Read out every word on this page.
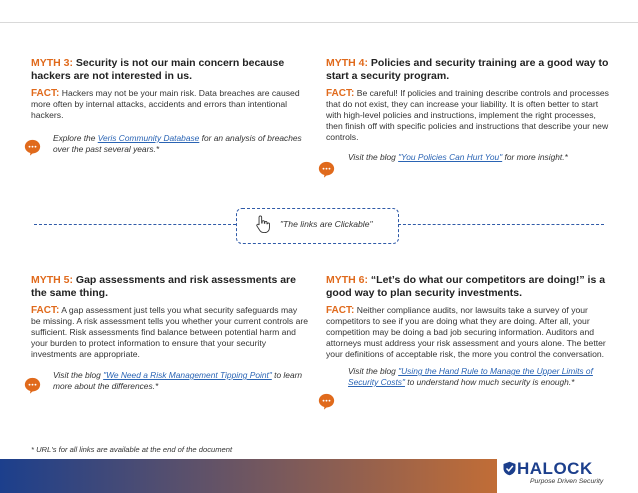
MYTH 3: Security is not our main concern because hackers are not interested in us.

FACT: Hackers may not be your main risk. Data breaches are caused more often by internal attacks, accidents and errors than intentional hackers.

Explore the Veris Community Database for an analysis of breaches over the past several years.*

MYTH 4: Policies and security training are a good way to start a security program.

FACT: Be careful! If policies and training describe controls and processes that do not exist, they can increase your liability. It is often better to start with high-level policies and instructions, implement the right processes, then finish off with specific policies and instructions that describe your new controls.

Visit the blog "You Policies Can Hurt You" for more insight.*
"The links are Clickable"

MYTH 5: Gap assessments and risk assessments are the same thing.

FACT: A gap assessment just tells you what security safeguards may be missing. A risk assessment tells you whether your current controls are sufficient. Risk assessments find balance between potential harm and your burden to protect information to ensure that your security investments are appropriate.

Visit the blog "We Need a Risk Management Tipping Point" to learn more about the differences.*

MYTH 6: “Let’s do what our competitors are doing!” is a good way to plan security investments.

FACT: Neither compliance audits, nor lawsuits take a survey of your competitors to see if you are doing what they are doing. After all, your competition may be doing a bad job securing information. Auditors and attorneys must address your risk assessment and yours alone. The better your definitions of acceptable risk, the more you control the conversation.

Visit the blog "Using the Hand Rule to Manage the Upper Limits of Security Costs" to understand how much security is enough.*
* URL's for all links are available at the end of the document
HALOCK
Purpose Driven Security
